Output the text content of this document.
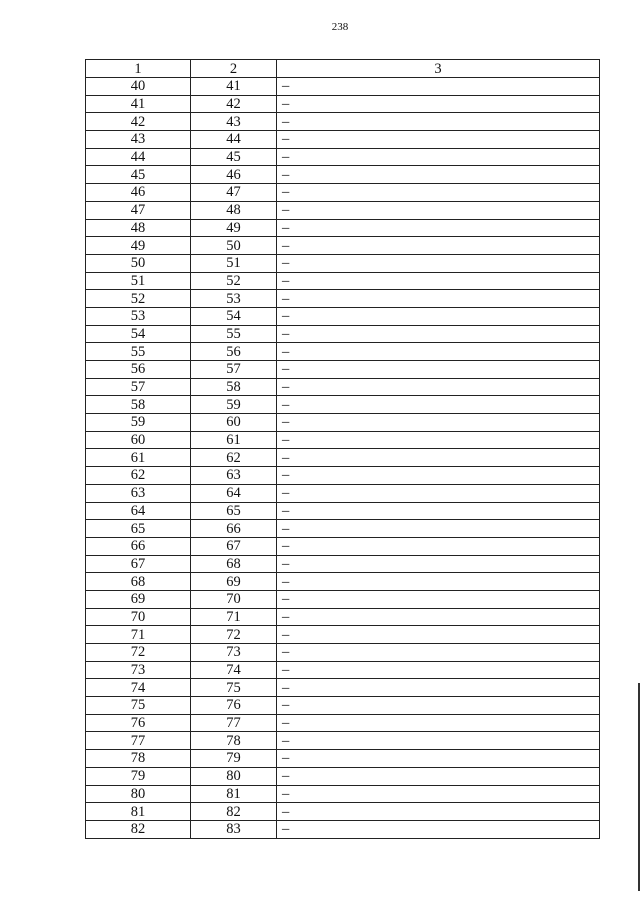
238
1	2	3
40	41	–
41	42	–
42	43	–
43	44	–
44	45	–
45	46	–
46	47	–
47	48	–
48	49	–
49	50	–
50	51	–
51	52	–
52	53	–
53	54	–
54	55	–
55	56	–
56	57	–
57	58	–
58	59	–
59	60	–
60	61	–
61	62	–
62	63	–
63	64	–
64	65	–
65	66	–
66	67	–
67	68	–
68	69	–
69	70	–
70	71	–
71	72	–
72	73	–
73	74	–
74	75	–
75	76	–
76	77	–
77	78	–
78	79	–
79	80	–
80	81	–
81	82	–
82	83	–
